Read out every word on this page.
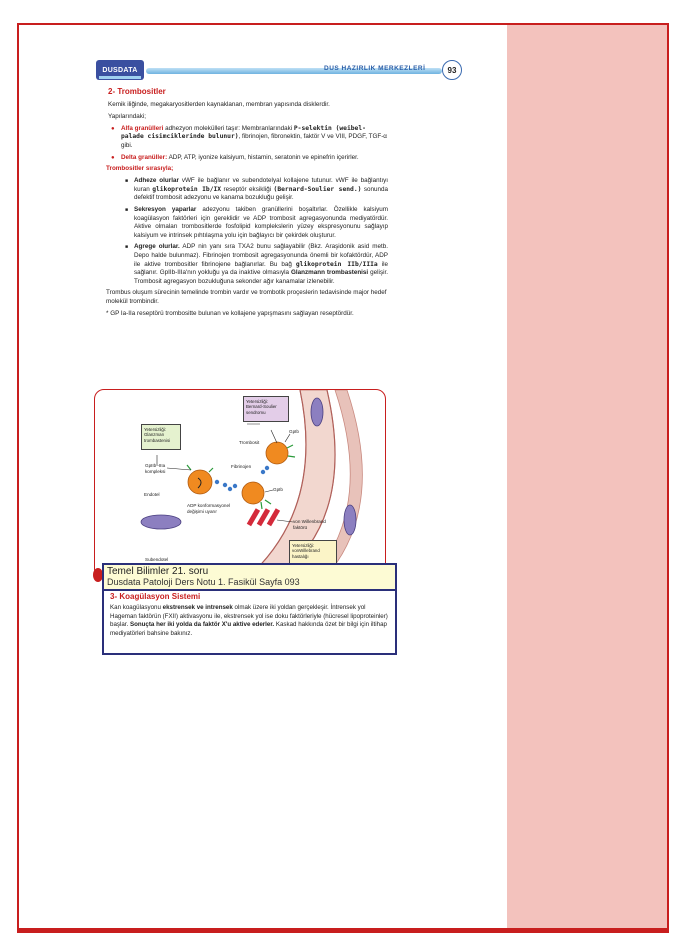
DUSDATA	DUS HAZIRLIK MERKEZLERİ	93
2- Trombositler

Kemik iliğinde, megakaryositlerden kaynaklanan, membran yapısında disklerdir.

Yapılarındaki;

● Alfa granülleri adhezyon molekülleri taşır: Membranlarındaki P-selektin (weibel-palade cisimciklerinde bulunur), fibrinojen, fibronektin, faktör V ve VIII, PDGF, TGF-α gibi.
● Delta granüller: ADP, ATP, iyonize kalsiyum, histamin, seratonin ve epinefrin içerirler.

Trombositler sırasıyla;

■ Adheze olurlar vWF ile bağlanır ve subendotelyal kollajene tutunur. vWF ile bağlantıyı kuran glikoprotein Ib/IX reseptör eksikliği (Bernard-Soulier send.) sonunda defektif trombosit adezyonu ve kanama bozukluğu gelişir.
■ Sekresyon yaparlar adezyonu takiben granüllerini boşaltırlar. Özellikle kalsiyum koagülasyon faktörleri için gereklidir ve ADP trombosit agregasyonunda mediyatördür. Aktive olmaları trombositlerde fosfolipid komplekslerin yüzey ekspresyonunu sağlayıp kalsiyum ve intrinsek pıhtılaşma yolu için bağlayıcı bir çekirdek oluşturur.
■ Agrege olurlar. ADP nin yanı sıra TXA2 bunu sağlayabilir (Bkz. Araşidonik asid metb. Depo halde bulunmaz). Fibrinojen trombosit agregasyonunda önemli bir kofaktördür, ADP ile aktive trombositler fibrinojene bağlanırlar. Bu bağ glikoprotein IIb/IIIa ile sağlanır. GpIIb-IIIa'nın yokluğu ya da inaktive olmasıyla Glanzmann trombastenisi gelişir. Trombosit agregasyon bozukluğuna sekonder ağır kanamalar izlenebilir.

Trombus oluşum sürecinin temelinde trombin vardır ve trombotik proçeslerin tedavisinde major hedef molekül trombindir.

* GP Ia-IIa reseptörü trombositte bulunan ve kollajene yapışmasını sağlayan reseptördür.

Yetersizliği: Bernard-Soulier sendromu
Yetersizliği: Glanzman trombastenisi
Yetersizliği: vonWillebrand hastalığı
Trombosit
GpIb
Fibrinojen
GpIb
GpIIb–IIIa kompleksi
Endotel
ADP konformasyonel değişimi uyarır
von Willenbrand faktörü
Subendotel
Temel Bilimler 21. soru
Dusdata Patoloji Ders Notu 1. Fasikül Sayfa 093
3- Koagülasyon Sistemi

Kan koagülasyonu ekstrensek ve intrensek olmak üzere iki yoldan gerçekleşir. İntrensek yol Hageman faktörün (FXII) aktivasyonu ile, ekstrensek yol ise doku faktörleriyle (hücresel lipoproteinler) başlar. Sonuçta her iki yolda da faktör X'u aktive ederler. Kaskad hakkında özet bir bilgi için iltihap mediyatörleri bahsine bakınız.
